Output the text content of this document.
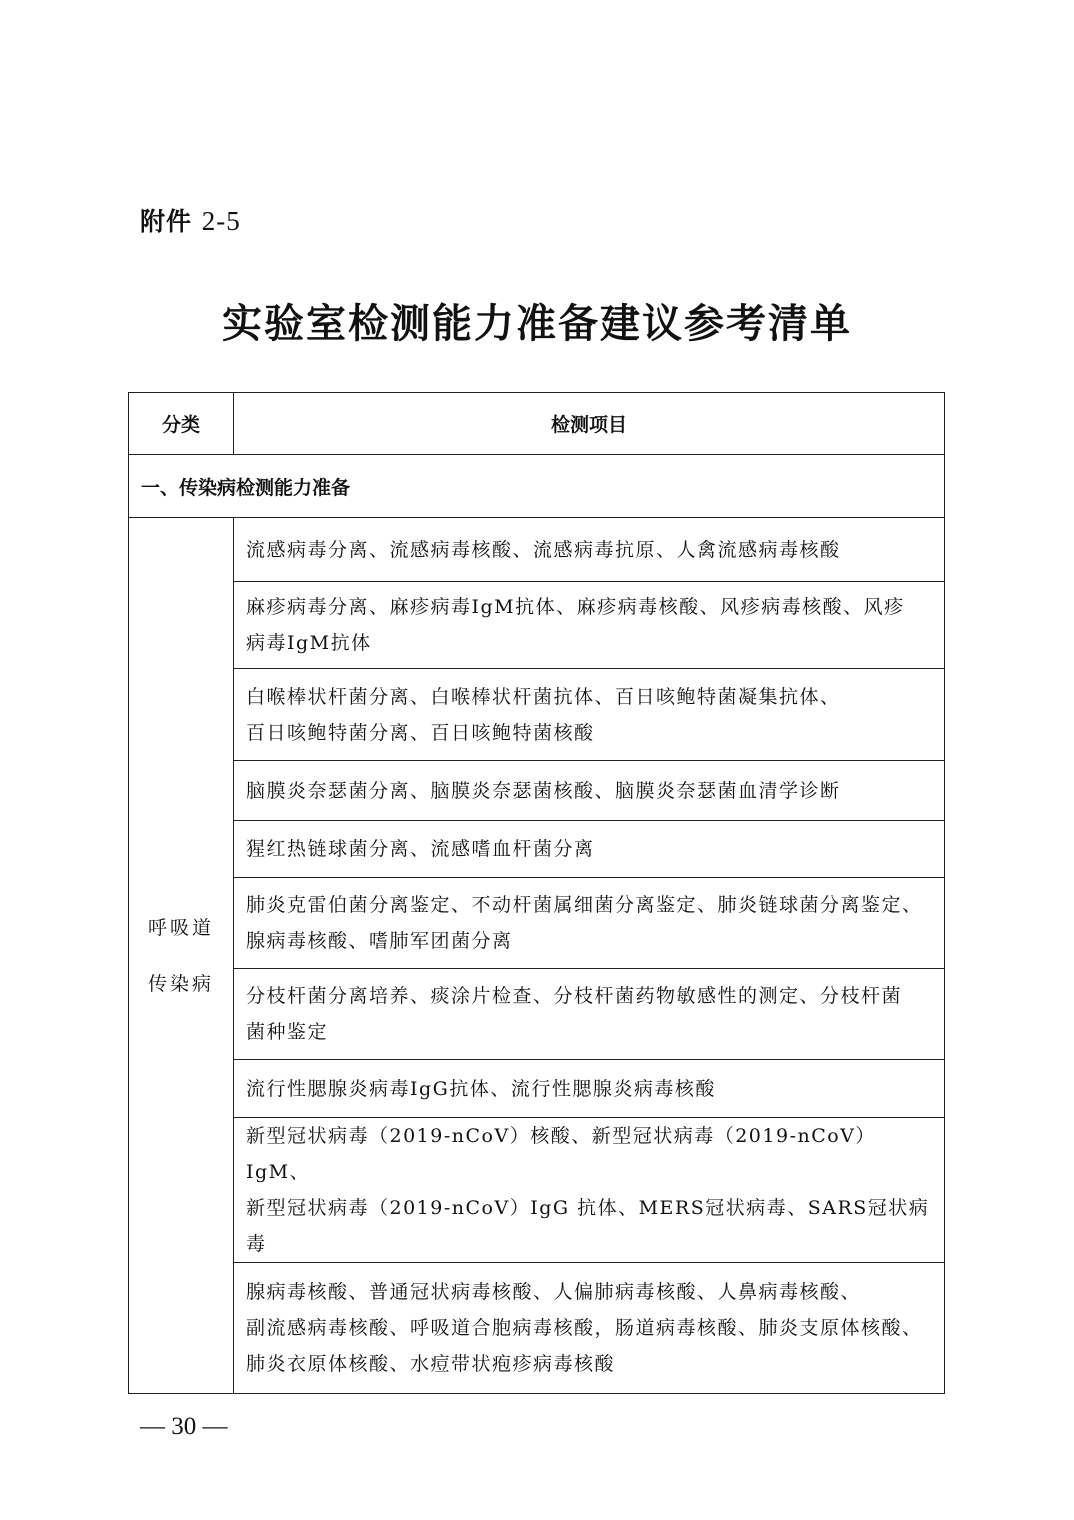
附件 2-5
实验室检测能力准备建议参考清单
分类	检测项目
一、传染病检测能力准备	

呼吸道
传染病	流感病毒分离、流感病毒核酸、流感病毒抗原、人禽流感病毒核酸

	麻疹病毒分离、麻疹病毒IgM抗体、麻疹病毒核酸、风疹病毒核酸、风疹
病毒IgM抗体

	白喉棒状杆菌分离、白喉棒状杆菌抗体、百日咳鲍特菌凝集抗体、
百日咳鲍特菌分离、百日咳鲍特菌核酸

	脑膜炎奈瑟菌分离、脑膜炎奈瑟菌核酸、脑膜炎奈瑟菌血清学诊断

	猩红热链球菌分离、流感嗜血杆菌分离

	肺炎克雷伯菌分离鉴定、不动杆菌属细菌分离鉴定、肺炎链球菌分离鉴定、
腺病毒核酸、嗜肺军团菌分离

	分枝杆菌分离培养、痰涂片检查、分枝杆菌药物敏感性的测定、分枝杆菌
菌种鉴定

	流行性腮腺炎病毒IgG抗体、流行性腮腺炎病毒核酸

	新型冠状病毒（2019-nCoV）核酸、新型冠状病毒（2019-nCoV）IgM、
新型冠状病毒（2019-nCoV）IgG 抗体、MERS冠状病毒、SARS冠状病毒

	腺病毒核酸、普通冠状病毒核酸、人偏肺病毒核酸、人鼻病毒核酸、
副流感病毒核酸、呼吸道合胞病毒核酸，肠道病毒核酸、肺炎支原体核酸、
肺炎衣原体核酸、水痘带状疱疹病毒核酸
— 30 —
